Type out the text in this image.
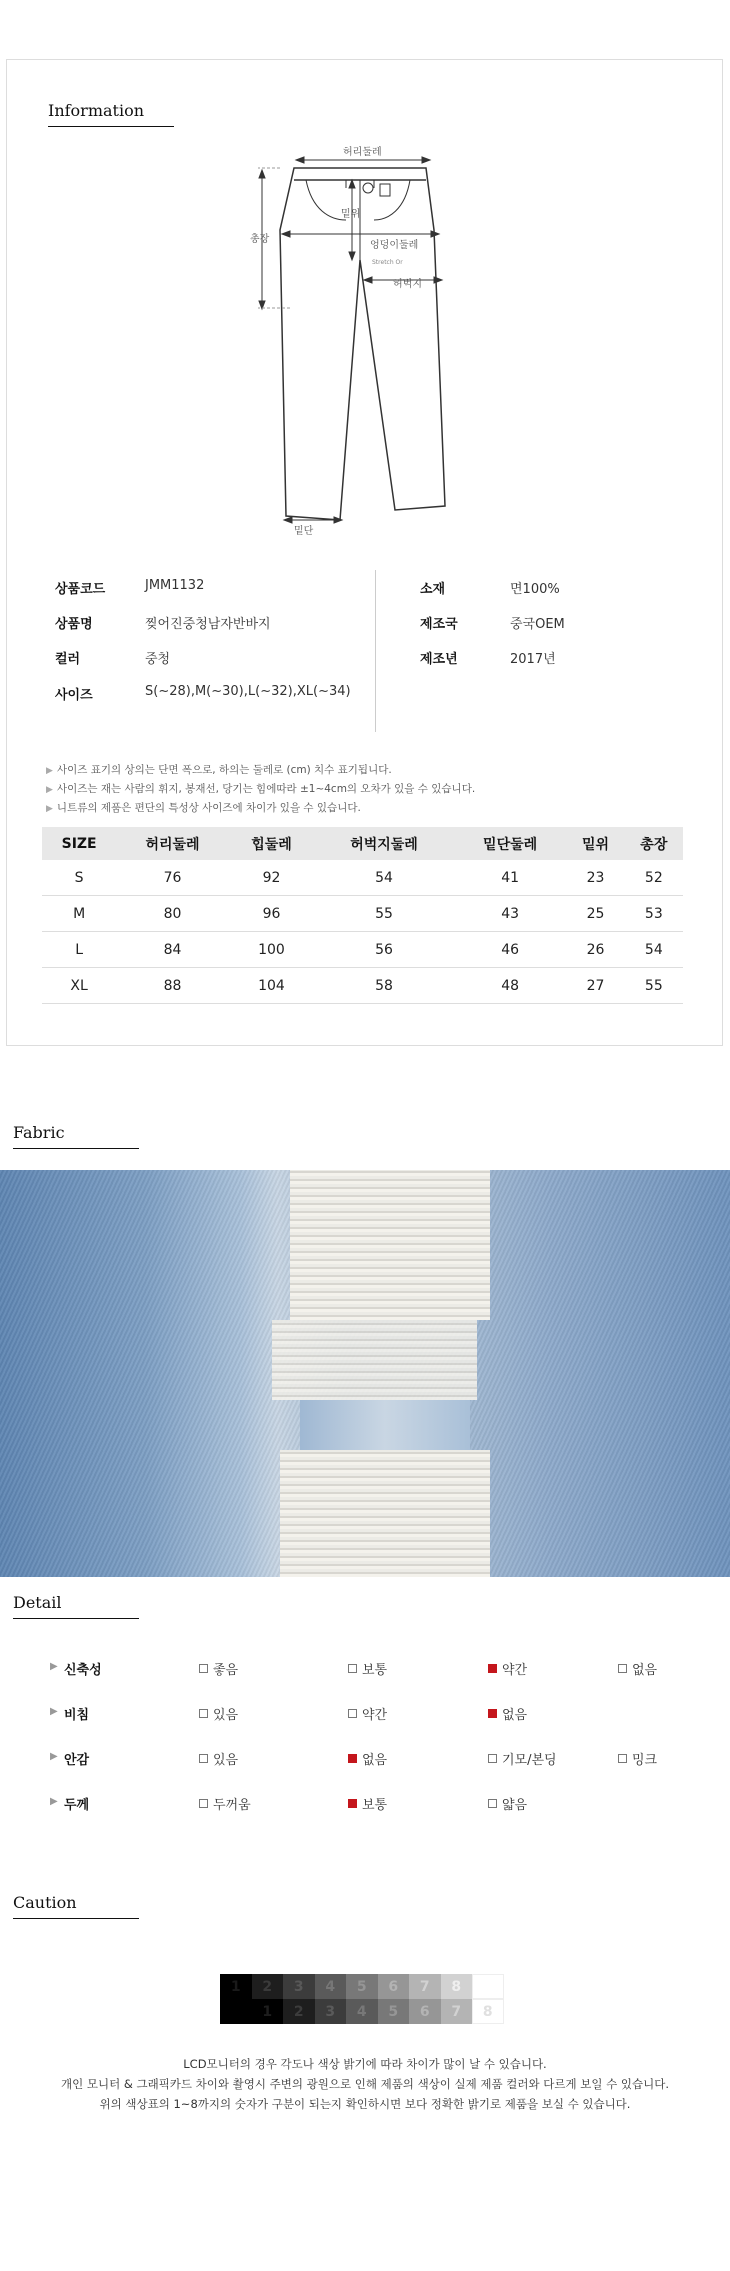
Information
허리둘레
총장
밑위
엉덩이둘레
Stretch Or
허벅지
밑단
상품코드	JMM1132
상품명	찢어진중청남자반바지
컬러	중청
사이즈	S(~28),M(~30),L(~32),XL(~34)
소재	면100%
제조국	중국OEM
제조년	2017년
▶ 사이즈 표기의 상의는 단면 폭으로, 하의는 둘레로 (cm) 치수 표기됩니다.
▶ 사이즈는 재는 사람의 휘지, 봉재선, 당기는 힘에따라 ±1~4cm의 오차가 있을 수 있습니다.
▶ 니트류의 제품은 편단의 특성상 사이즈에 차이가 있을 수 있습니다.
SIZE	허리둘레	힙둘레	허벅지둘레	밑단둘레	밑위	총장
S	76	92	54	41	23	52
M	80	96	55	43	25	53
L	84	100	56	46	26	54
XL	88	104	58	48	27	55
Fabric
Detail
▶ 신축성	좋음	보통	약간	없음
▶ 비침	있음	약간	없음
▶ 안감	있음	없음	기모/본딩	밍크
▶ 두께	두꺼움	보통	얇음
Caution
1	2	3	4	5	6	7	8
1	2	3	4	5	6	7	8
LCD모니터의 경우 각도나 색상 밝기에 따라 차이가 많이 날 수 있습니다.
개인 모니터 & 그래픽카드 차이와 촬영시 주변의 광원으로 인해 제품의 색상이 실제 제품 컬러와 다르게 보일 수 있습니다.
위의 색상표의 1~8까지의 숫자가 구분이 되는지 확인하시면 보다 정확한 밝기로 제품을 보실 수 있습니다.
